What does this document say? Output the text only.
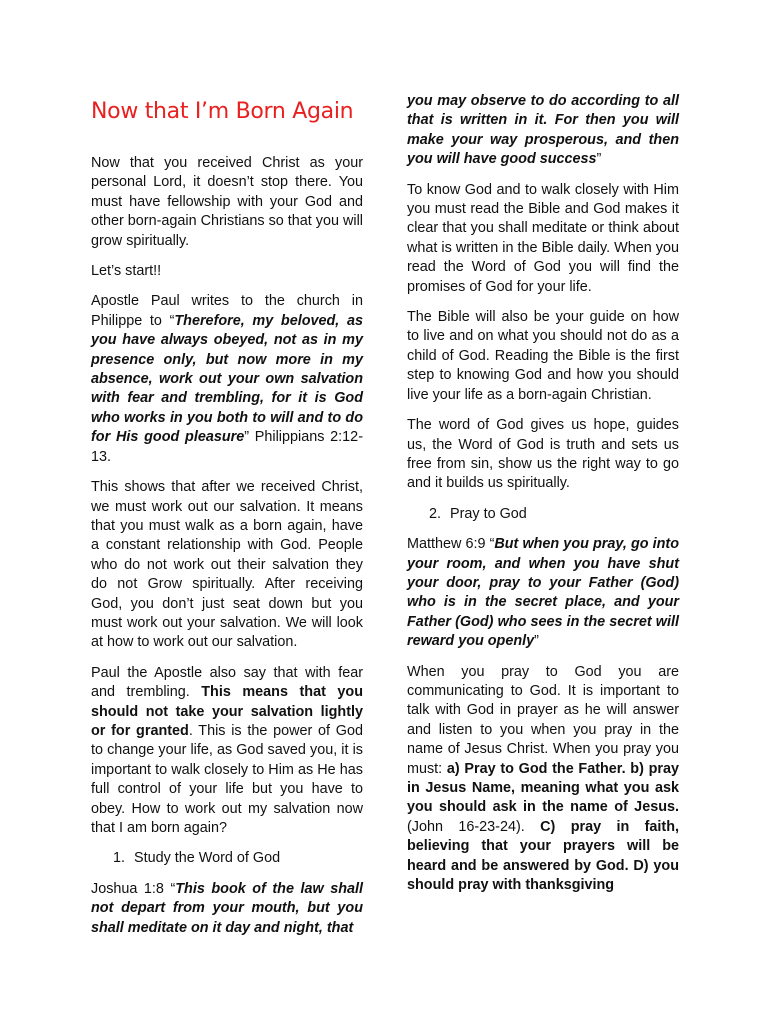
Now that I’m Born Again

Now that you received Christ as your personal Lord, it doesn’t stop there. You must have fellowship with your God and other born-again Christians so that you will grow spiritually.

Let’s start!!

Apostle Paul writes to the church in Philippe to “Therefore, my beloved, as you have always obeyed, not as in my presence only, but now more in my absence, work out your own salvation with fear and trembling, for it is God who works in you both to will and to do for His good pleasure” Philippians 2:12-13.

This shows that after we received Christ, we must work out our salvation. It means that you must walk as a born again, have a constant relationship with God. People who do not work out their salvation they do not Grow spiritually. After receiving God, you don’t just seat down but you must work out your salvation. We will look at how to work out our salvation.

Paul the Apostle also say that with fear and trembling. This means that you should not take your salvation lightly or for granted. This is the power of God to change your life, as God saved you, it is important to walk closely to Him as He has full control of your life but you have to obey. How to work out my salvation now that I am born again?

1. Study the Word of God

Joshua 1:8 “This book of the law shall not depart from your mouth, but you shall meditate on it day and night, that

you may observe to do according to all that is written in it. For then you will make your way prosperous, and then you will have good success”

To know God and to walk closely with Him you must read the Bible and God makes it clear that you shall meditate or think about what is written in the Bible daily. When you read the Word of God you will find the promises of God for your life.

The Bible will also be your guide on how to live and on what you should not do as a child of God. Reading the Bible is the first step to knowing God and how you should live your life as a born-again Christian.

The word of God gives us hope, guides us, the Word of God is truth and sets us free from sin, show us the right way to go and it builds us spiritually.

2. Pray to God

Matthew 6:9 “But when you pray, go into your room, and when you have shut your door, pray to your Father (God) who is in the secret place, and your Father (God) who sees in the secret will reward you openly”

When you pray to God you are communicating to God. It is important to talk with God in prayer as he will answer and listen to you when you pray in the name of Jesus Christ. When you pray you must: a) Pray to God the Father. b) pray in Jesus Name, meaning what you ask you should ask in the name of Jesus. (John 16-23-24). C) pray in faith, believing that your prayers will be heard and be answered by God. D) you should pray with thanksgiving
